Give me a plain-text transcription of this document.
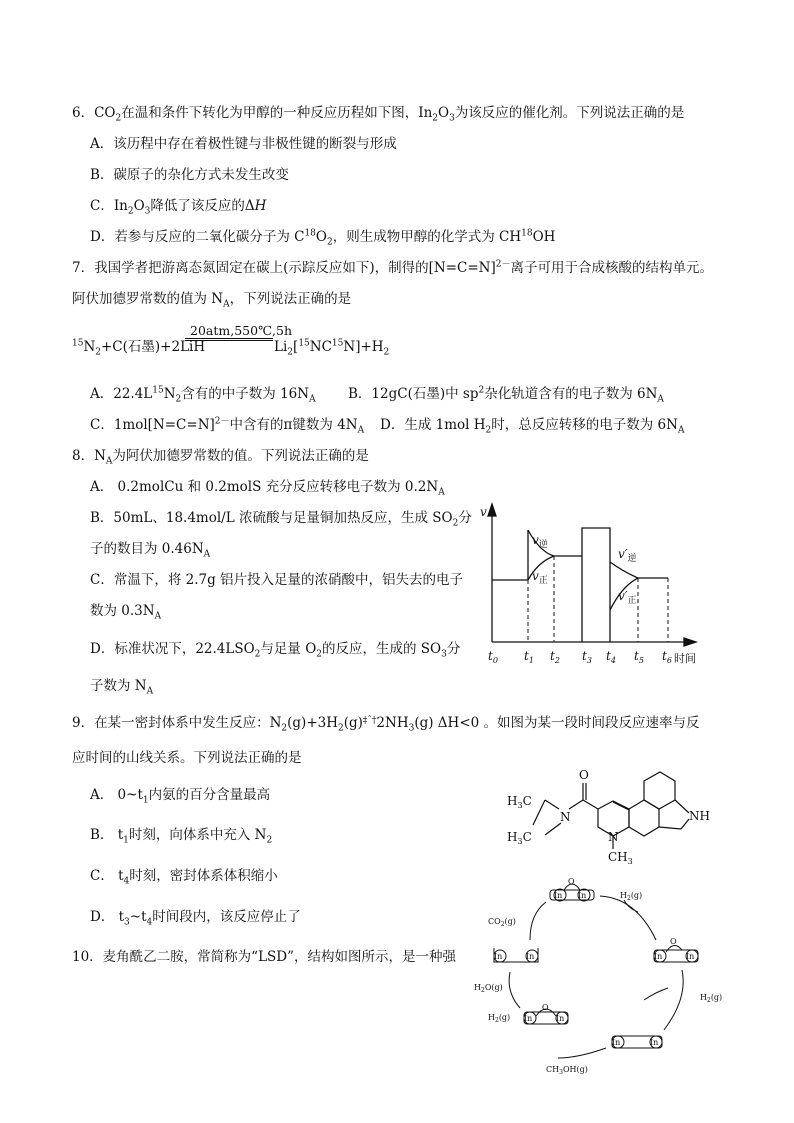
6．$CO_2$在温和条件下转化为甲醇的一种反应历程如下图，$In_2O_3$为该反应的催化剂。下列说法正确的是
A．该历程中存在着极性键与非极性键的断裂与形成
B．碳原子的杂化方式未发生改变
C．$In_2O_3$降低了该反应的ΔH
D．若参与反应的二氧化碳分子为 $C^{18}O_2$，则生成物甲醇的化学式为 CH$^{18}$OH
7．我国学者把游离态氮固定在碳上(示踪反应如下)，制得的[N=C=N]$^{2-}$离子可用于合成核酸的结构单元。
阿伏加德罗常数的值为 $N_A$，下列说法正确的是
$^{15}N_2+C$(石墨)+2LiH
20atm,550℃,5h
$Li_2[^{15}NC^{15}N]+H_2$
A．$22.4L^{15}N_2$含有的中子数为 $16N_A$ B．12gC(石墨)中 $sp^2$杂化轨道含有的电子数为 $6N_A$
C．1mol[N=C=N]$^{2-}$中含有的π键数为 $4N_A$ D．生成 1mol $H_2$时，总反应转移的电子数为 $6N_A$
8．$N_A$为阿伏加德罗常数的值。下列说法正确的是
A． 0.2molCu 和 0.2molS 充分反应转移电子数为 $0.2N_A$
B．50mL、18.4mol/L 浓硫酸与足量铜加热反应，生成 $SO_2$分
子的数目为 $0.46N_A$
C．常温下，将 2.7g 铝片投入足量的浓硝酸中，铝失去的电子
数为 $0.3N_A$
D．标准状况下，$22.4LSO_2$与足量 $O_2$的反应，生成的 $SO_3$分
子数为 $N_A$
v
$v_逆$
$v_正$
$v'_逆$
$v'_正$
$t_0$ $t_1$ $t_2$ $t_3$ $t_4$ $t_5$ $t_6$ 时间
9．在某一密封体系中发生反应：$N_2(g)+3H_2(g)^{\ddagger ˆ\dagger}2NH_3(g)$ ΔH<0 。如图为某一段时间段反应速率与反
应时间的山线关系。下列说法正确的是
A． $0\sim t_1$内氨的百分含量最高
B． $t_1$时刻，向体系中充入 $N_2$
C． $t_4$时刻，密封体系体积缩小
D． $t_3\sim t_4$时间段内，该反应停止了
10．麦角酰乙二胺，常简称为“LSD”，结构如图所示，是一种强
O
N
$H_3C$
$H_3C$	N
$CH_3$
NH
In In
O
In	In	In	In
O
In	In
In	In
O
$H_2(g)$
$CO_2(g)$
$H_2(g)$
$H_2O(g)$
$H_2(g)$
$CH_3OH(g)$
